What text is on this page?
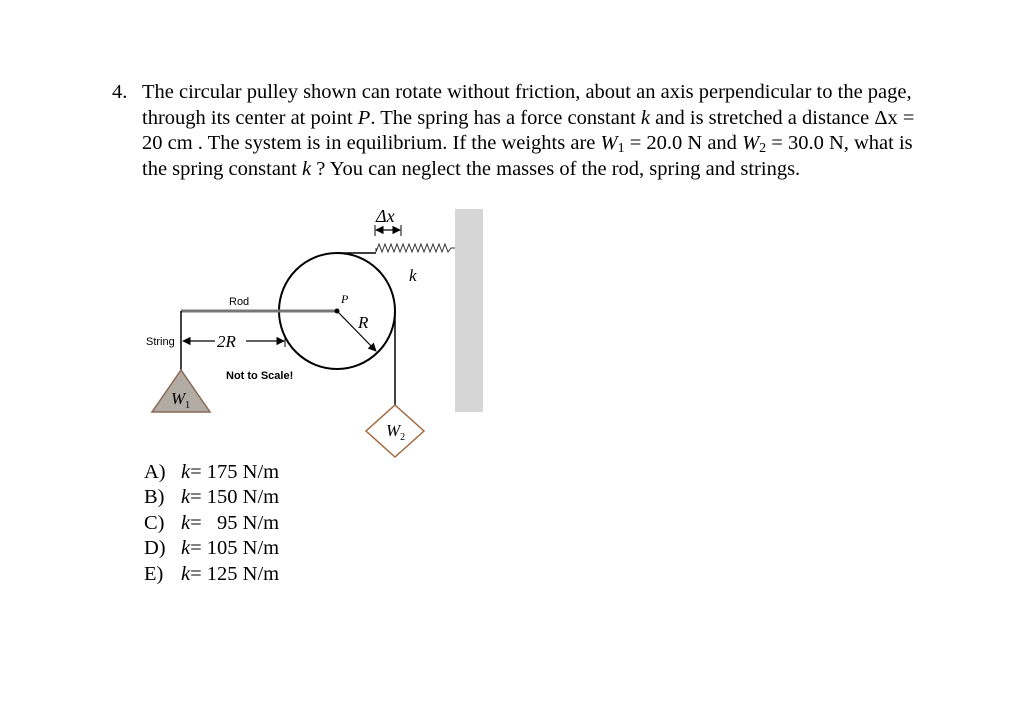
4. The circular pulley shown can rotate without friction, about an axis perpendicular to the page, through its center at point P. The spring has a force constant k and is stretched a distance Δx = 20 cm . The system is in equilibrium. If the weights are $W_1 = 20.0$ N and $W_2 = 30.0$ N, what is the spring constant k ? You can neglect the masses of the rod, spring and strings.
Δx
k
Rod	P
R
String 2R
Not to Scale!
$W_1$
$W_2$
A) k= 175 N/m
B) k= 150 N/m
C) k=   95 N/m
D) k= 105 N/m
E) k= 125 N/m
